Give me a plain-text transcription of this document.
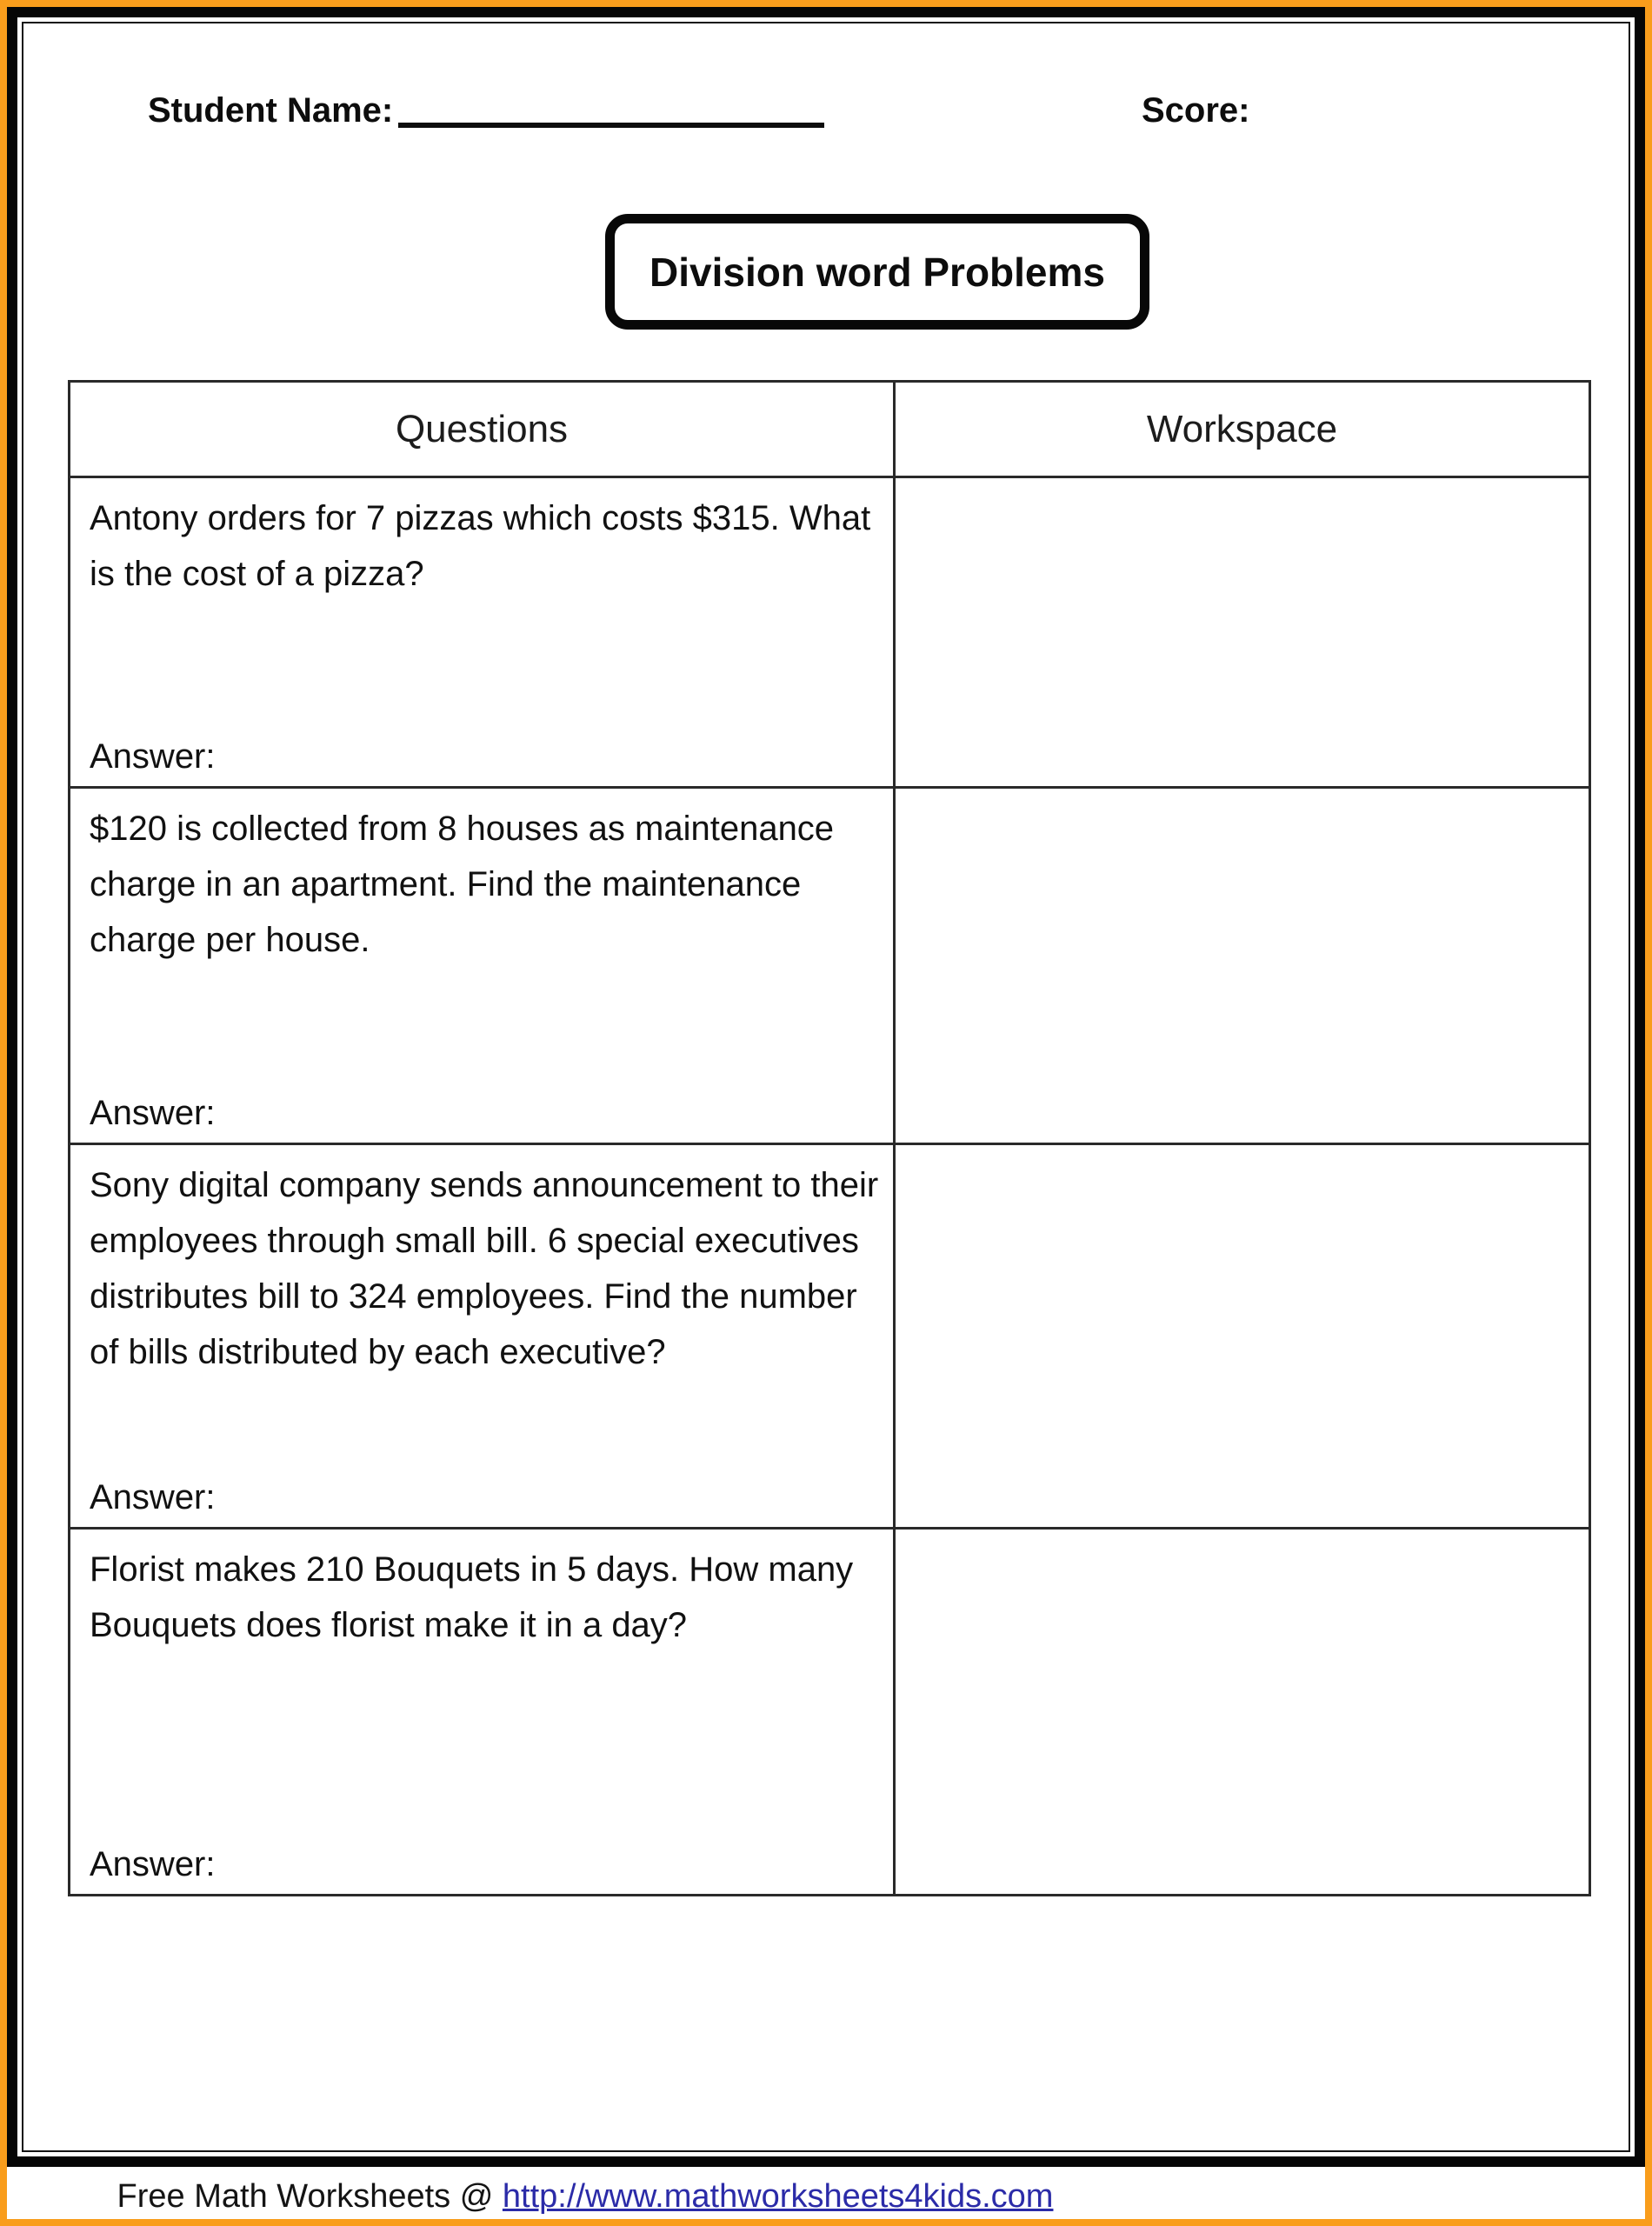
Student Name:	Score:
Division word Problems
Questions	Workspace
Antony orders for 7 pizzas which costs $315. What is the cost of a pizza?
Answer:
$120 is collected from 8 houses as maintenance charge in an apartment. Find the maintenance charge per house.
Answer:
Sony digital company sends announcement to their employees through small bill. 6 special executives distributes bill to 324 employees. Find the number of bills distributed by each executive?
Answer:
Florist makes 210 Bouquets in 5 days. How many Bouquets does florist make it in a day?
Answer:
Free Math Worksheets @ http://www.mathworksheets4kids.com
